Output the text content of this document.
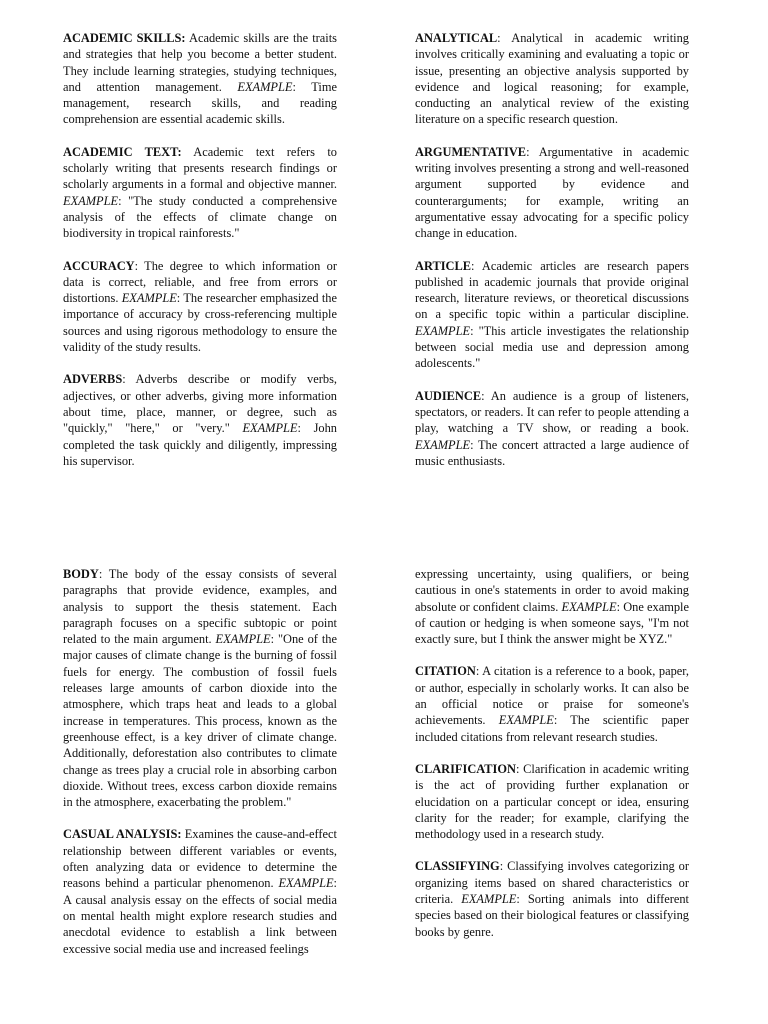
ACADEMIC SKILLS: Academic skills are the traits and strategies that help you become a better student. They include learning strategies, studying techniques, and attention management. EXAMPLE: Time management, research skills, and reading comprehension are essential academic skills.

ACADEMIC TEXT: Academic text refers to scholarly writing that presents research findings or scholarly arguments in a formal and objective manner. EXAMPLE: "The study conducted a comprehensive analysis of the effects of climate change on biodiversity in tropical rainforests."

ACCURACY: The degree to which information or data is correct, reliable, and free from errors or distortions. EXAMPLE: The researcher emphasized the importance of accuracy by cross-referencing multiple sources and using rigorous methodology to ensure the validity of the study results.

ADVERBS: Adverbs describe or modify verbs, adjectives, or other adverbs, giving more information about time, place, manner, or degree, such as "quickly," "here," or "very." EXAMPLE: John completed the task quickly and diligently, impressing his supervisor.

ANALYTICAL: Analytical in academic writing involves critically examining and evaluating a topic or issue, presenting an objective analysis supported by evidence and logical reasoning; for example, conducting an analytical review of the existing literature on a specific research question.

ARGUMENTATIVE: Argumentative in academic writing involves presenting a strong and well-reasoned argument supported by evidence and counterarguments; for example, writing an argumentative essay advocating for a specific policy change in education.

ARTICLE: Academic articles are research papers published in academic journals that provide original research, literature reviews, or theoretical discussions on a specific topic within a particular discipline. EXAMPLE: "This article investigates the relationship between social media use and depression among adolescents."

AUDIENCE: An audience is a group of listeners, spectators, or readers. It can refer to people attending a play, watching a TV show, or reading a book. EXAMPLE: The concert attracted a large audience of music enthusiasts.

BODY: The body of the essay consists of several paragraphs that provide evidence, examples, and analysis to support the thesis statement. Each paragraph focuses on a specific subtopic or point related to the main argument. EXAMPLE: "One of the major causes of climate change is the burning of fossil fuels for energy. The combustion of fossil fuels releases large amounts of carbon dioxide into the atmosphere, which traps heat and leads to a global increase in temperatures. This process, known as the greenhouse effect, is a key driver of climate change. Additionally, deforestation also contributes to climate change as trees play a crucial role in absorbing carbon dioxide. Without trees, excess carbon dioxide remains in the atmosphere, exacerbating the problem."

CASUAL ANALYSIS: Examines the cause-and-effect relationship between different variables or events, often analyzing data or evidence to determine the reasons behind a particular phenomenon. EXAMPLE: A causal analysis essay on the effects of social media on mental health might explore research studies and anecdotal evidence to establish a link between excessive social media use and increased feelings

expressing uncertainty, using qualifiers, or being cautious in one's statements in order to avoid making absolute or confident claims. EXAMPLE: One example of caution or hedging is when someone says, "I'm not exactly sure, but I think the answer might be XYZ."

CITATION: A citation is a reference to a book, paper, or author, especially in scholarly works. It can also be an official notice or praise for someone's achievements. EXAMPLE: The scientific paper included citations from relevant research studies.

CLARIFICATION: Clarification in academic writing is the act of providing further explanation or elucidation on a particular concept or idea, ensuring clarity for the reader; for example, clarifying the methodology used in a research study.

CLASSIFYING: Classifying involves categorizing or organizing items based on shared characteristics or criteria. EXAMPLE: Sorting animals into different species based on their biological features or classifying books by genre.
